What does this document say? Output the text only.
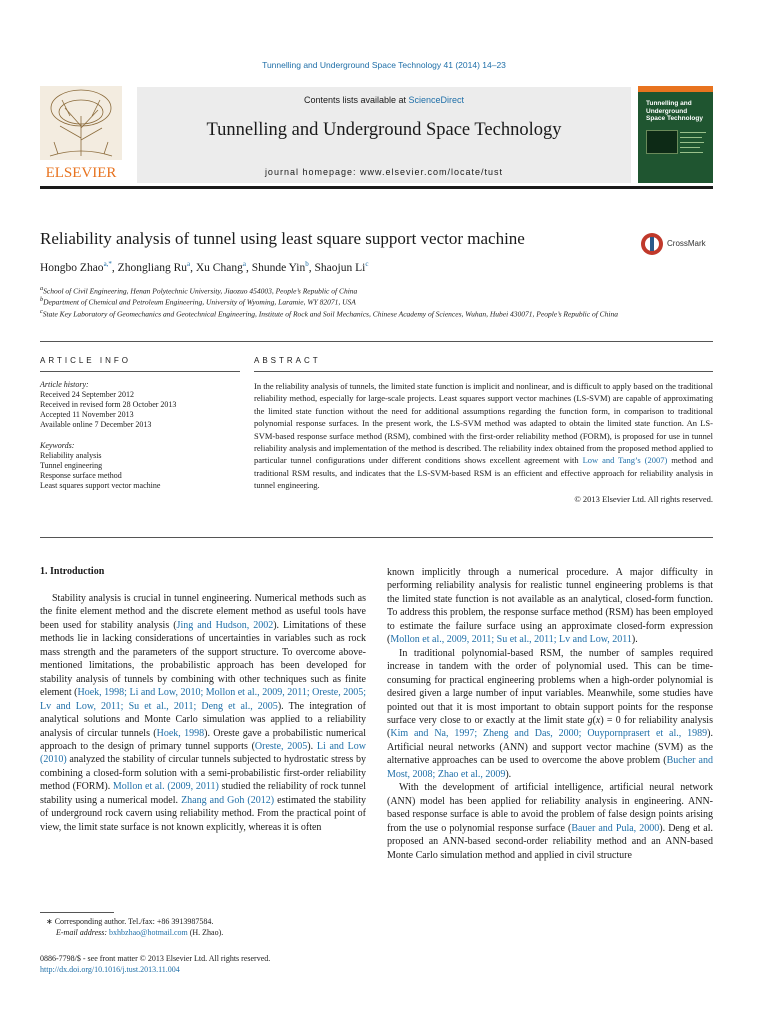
Tunnelling and Underground Space Technology 41 (2014) 14–23
ELSEVIER
Contents lists available at ScienceDirect
Tunnelling and Underground Space Technology
journal homepage: www.elsevier.com/locate/tust
Tunnelling and Underground Space Technology
Reliability analysis of tunnel using least square support vector machine	CrossMark
Hongbo Zhao$^{a,*}$, Zhongliang Ru$^a$, Xu Chang$^a$, Shunde Yin$^b$, Shaojun Li$^c$
$^a$School of Civil Engineering, Henan Polytechnic University, Jiaozuo 454003, People’s Republic of China
$^b$Department of Chemical and Petroleum Engineering, University of Wyoming, Laramie, WY 82071, USA
$^c$State Key Laboratory of Geomechanics and Geotechnical Engineering, Institute of Rock and Soil Mechanics, Chinese Academy of Sciences, Wuhan, Hubei 430071, People’s Republic of China
ARTICLE INFO	ABSTRACT
Article history:
Received 24 September 2012
Received in revised form 28 October 2013
Accepted 11 November 2013
Available online 7 December 2013
Keywords:
Reliability analysis
Tunnel engineering
Response surface method
Least squares support vector machine
In the reliability analysis of tunnels, the limited state function is implicit and nonlinear, and is difficult to apply based on the traditional reliability method, especially for large-scale projects. Least squares support vector machines (LS-SVM) are capable of approximating the limited state function without the need for additional assumptions regarding the function form, in comparison to traditional polynomial response surfaces. In the present work, the LS-SVM method was adapted to obtain the limited state function. An LS-SVM-based response surface method (RSM), combined with the first-order reliability method (FORM), is proposed for use in tunnel reliability analysis and implementation of the method is described. The reliability index obtained from the proposed method applied to particular tunnel configurations under different conditions shows excellent agreement with Low and Tang’s (2007) method and traditional RSM results, and indicates that the LS-SVM-based RSM is an efficient and effective approach for reliability analysis in tunnel engineering.
© 2013 Elsevier Ltd. All rights reserved.
1. Introduction

Stability analysis is crucial in tunnel engineering. Numerical methods such as the finite element method and the discrete element method as useful tools have been used for stability analysis (Jing and Hudson, 2002). Limitations of these methods lie in lacking considerations of uncertainties in variables such as rock mass strength and the parameters of the support structure. To overcome above-mentioned limitations, the probabilistic approach has been developed for stability analysis of tunnels by combining with other techniques such as finite element (Hoek, 1998; Li and Low, 2010; Mollon et al., 2009, 2011; Oreste, 2005; Lv and Low, 2011; Su et al., 2011; Deng et al., 2005). The integration of analytical solutions and Monte Carlo simulation was applied to a reliability analysis of circular tunnels (Hoek, 1998). Oreste gave a probabilistic numerical approach to the design of primary tunnel supports (Oreste, 2005). Li and Low (2010) analyzed the stability of circular tunnels subjected to hydrostatic stress by combining a closed-form solution with a semi-probabilistic first-order reliability method (FORM). Mollon et al. (2009, 2011) studied the reliability of rock tunnel stability using a numerical model. Zhang and Goh (2012) estimated the stability of underground rock cavern using reliability method. From the practical point of view, the limit state surface is not known explicitly, whereas it is often

known implicitly through a numerical procedure. A major difficulty in performing reliability analysis for realistic tunnel engineering problems is that the limited state function is not available as an analytical, closed-form function. To address this problem, the response surface method (RSM) has been employed to estimate the failure surface using an approximate closed-form expression (Mollon et al., 2009, 2011; Su et al., 2011; Lv and Low, 2011).

In traditional polynomial-based RSM, the number of samples required increase in tandem with the order of polynomial used. This can be time-consuming for practical engineering problems when a high-order polynomial is desired given a large number of input variables. Meanwhile, some studies have pointed out that it is most important to obtain support points for the response surface very close to or exactly at the limit state g(x) = 0 for reliability analysis (Kim and Na, 1997; Zheng and Das, 2000; Ouypornprasert et al., 1989). Artificial neural networks (ANN) and support vector machine (SVM) as the alternative approaches can be used to overcome the above problem (Bucher and Most, 2008; Zhao et al., 2009).

With the development of artificial intelligence, artificial neural network (ANN) model has been applied for reliability analysis in engineering. ANN-based response surface is able to avoid the problem of false design points arising from the use o polynomial response surface (Bauer and Pula, 2000). Deng et al. proposed an ANN-based second-order reliability method and an ANN-based Monte Carlo simulation method and applied in civil structure

∗ Corresponding author. Tel./fax: +86 3913987584.
E-mail address: bxhbzhao@hotmail.com (H. Zhao).
0886-7798/$ - see front matter © 2013 Elsevier Ltd. All rights reserved.
http://dx.doi.org/10.1016/j.tust.2013.11.004
